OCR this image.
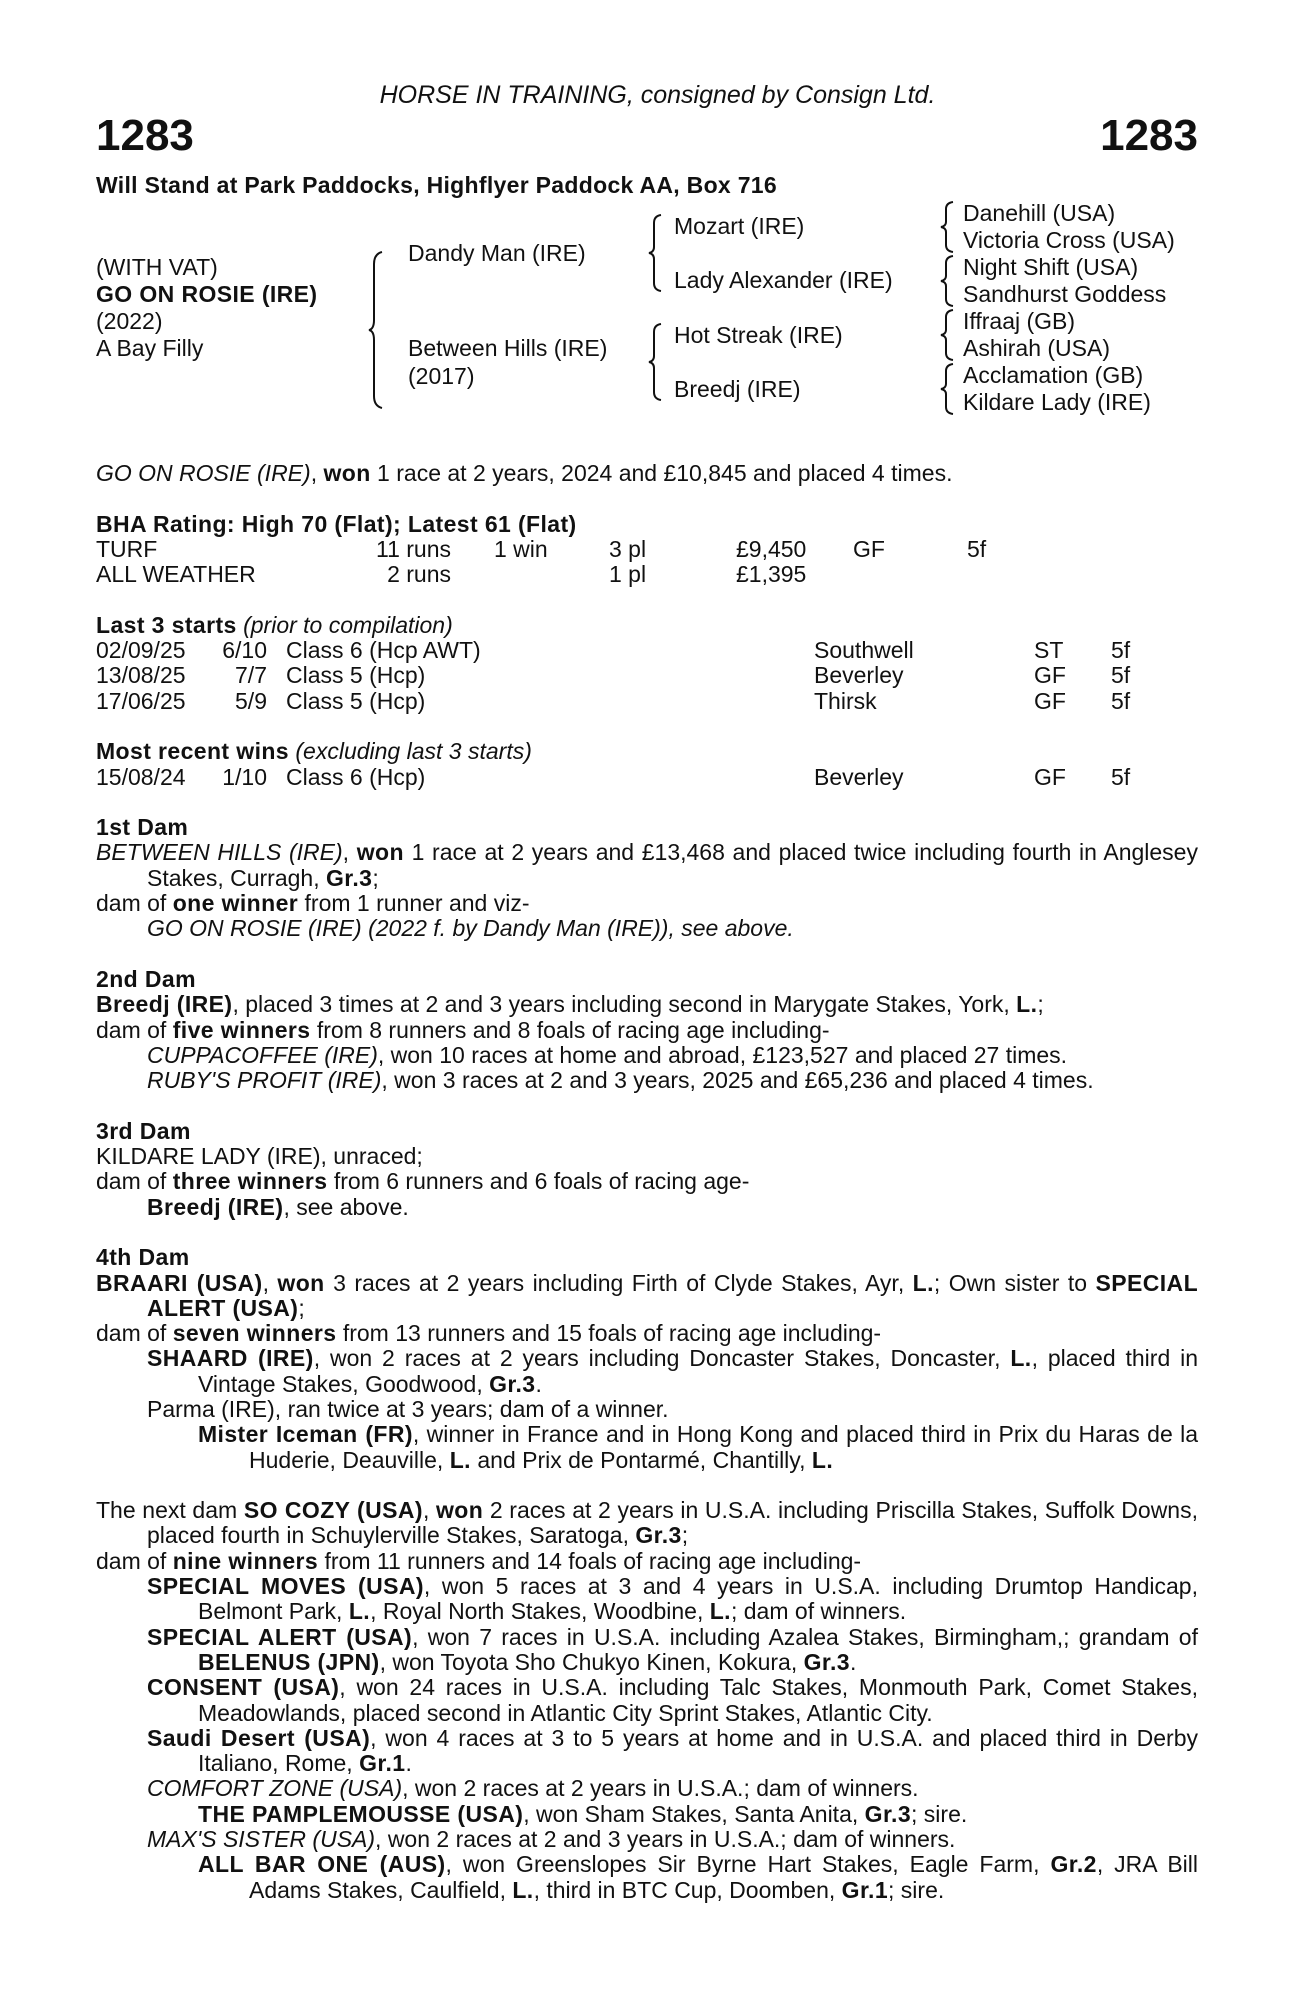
HORSE IN TRAINING, consigned by Consign Ltd.
1283	1283
Will Stand at Park Paddocks, Highflyer Paddock AA, Box 716
(WITH VAT)
GO ON ROSIE (IRE)
(2022)
A Bay Filly
Dandy Man (IRE)
Between Hills (IRE)
(2017)
Mozart (IRE)
Lady Alexander (IRE)
Hot Streak (IRE)
Breedj (IRE)
Danehill (USA)
Victoria Cross (USA)
Night Shift (USA)
Sandhurst Goddess
Iffraaj (GB)
Ashirah (USA)
Acclamation (GB)
Kildare Lady (IRE)
GO ON ROSIE (IRE), won 1 race at 2 years, 2024 and £10,845 and placed 4 times.
BHA Rating: High 70 (Flat); Latest 61 (Flat)
TURF	11 runs 1 win	3 pl	£9,450 GF	5f
ALL WEATHER	2 runs	1 pl	£1,395
Last 3 starts (prior to compilation)
02/09/25 6/10 Class 6 (Hcp AWT)	Southwell	ST 5f
13/08/25 7/7 Class 5 (Hcp)	Beverley	GF 5f
17/06/25 5/9 Class 5 (Hcp)	Thirsk	GF 5f
Most recent wins (excluding last 3 starts)
15/08/24 1/10 Class 6 (Hcp)	Beverley	GF 5f
1st Dam
BETWEEN HILLS (IRE), won 1 race at 2 years and £13,468 and placed twice including fourth in Anglesey Stakes, Curragh, Gr.3;
dam of one winner from 1 runner and viz-
GO ON ROSIE (IRE) (2022 f. by Dandy Man (IRE)), see above.
2nd Dam
Breedj (IRE), placed 3 times at 2 and 3 years including second in Marygate Stakes, York, L.;
dam of five winners from 8 runners and 8 foals of racing age including-
CUPPACOFFEE (IRE), won 10 races at home and abroad, £123,527 and placed 27 times.
RUBY'S PROFIT (IRE), won 3 races at 2 and 3 years, 2025 and £65,236 and placed 4 times.
3rd Dam
KILDARE LADY (IRE), unraced;
dam of three winners from 6 runners and 6 foals of racing age-
Breedj (IRE), see above.
4th Dam
BRAARI (USA), won 3 races at 2 years including Firth of Clyde Stakes, Ayr, L.; Own sister to SPECIAL ALERT (USA);
dam of seven winners from 13 runners and 15 foals of racing age including-
SHAARD (IRE), won 2 races at 2 years including Doncaster Stakes, Doncaster, L., placed third in Vintage Stakes, Goodwood, Gr.3.
Parma (IRE), ran twice at 3 years; dam of a winner.
Mister Iceman (FR), winner in France and in Hong Kong and placed third in Prix du Haras de la Huderie, Deauville, L. and Prix de Pontarmé, Chantilly, L.
The next dam SO COZY (USA), won 2 races at 2 years in U.S.A. including Priscilla Stakes, Suffolk Downs, placed fourth in Schuylerville Stakes, Saratoga, Gr.3;
dam of nine winners from 11 runners and 14 foals of racing age including-
SPECIAL MOVES (USA), won 5 races at 3 and 4 years in U.S.A. including Drumtop Handicap, Belmont Park, L., Royal North Stakes, Woodbine, L.; dam of winners.
SPECIAL ALERT (USA), won 7 races in U.S.A. including Azalea Stakes, Birmingham,; grandam of BELENUS (JPN), won Toyota Sho Chukyo Kinen, Kokura, Gr.3.
CONSENT (USA), won 24 races in U.S.A. including Talc Stakes, Monmouth Park, Comet Stakes, Meadowlands, placed second in Atlantic City Sprint Stakes, Atlantic City.
Saudi Desert (USA), won 4 races at 3 to 5 years at home and in U.S.A. and placed third in Derby Italiano, Rome, Gr.1.
COMFORT ZONE (USA), won 2 races at 2 years in U.S.A.; dam of winners.
THE PAMPLEMOUSSE (USA), won Sham Stakes, Santa Anita, Gr.3; sire.
MAX'S SISTER (USA), won 2 races at 2 and 3 years in U.S.A.; dam of winners.
ALL BAR ONE (AUS), won Greenslopes Sir Byrne Hart Stakes, Eagle Farm, Gr.2, JRA Bill Adams Stakes, Caulfield, L., third in BTC Cup, Doomben, Gr.1; sire.
